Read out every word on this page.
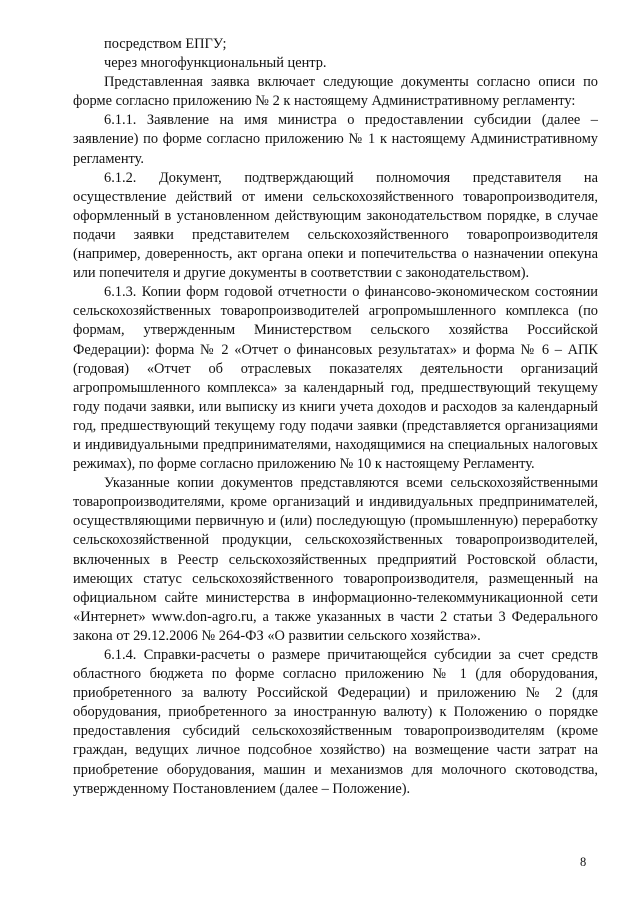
посредством ЕПГУ;

через многофункциональный центр.

Представленная заявка включает следующие документы согласно описи по форме согласно приложению № 2 к настоящему Административному регламенту:

6.1.1. Заявление на имя министра о предоставлении субсидии (далее – заявление) по форме согласно приложению № 1 к настоящему Административному регламенту.

6.1.2. Документ, подтверждающий полномочия представителя на осуществление действий от имени сельскохозяйственного товаропроизводителя, оформленный в установленном действующим законодательством порядке, в случае подачи заявки представителем сельскохозяйственного товаропроизводителя (например, доверенность, акт органа опеки и попечительства о назначении опекуна или попечителя и другие документы в соответствии с законодательством).

6.1.3. Копии форм годовой отчетности о финансово-экономическом состоянии сельскохозяйственных товаропроизводителей агропромышленного комплекса (по формам, утвержденным Министерством сельского хозяйства Российской Федерации): форма № 2 «Отчет о финансовых результатах» и форма № 6 – АПК (годовая) «Отчет об отраслевых показателях деятельности организаций агропромышленного комплекса» за календарный год, предшествующий текущему году подачи заявки, или выписку из книги учета доходов и расходов за календарный год, предшествующий текущему году подачи заявки (представляется организациями и индивидуальными предпринимателями, находящимися на специальных налоговых режимах), по форме согласно приложению № 10 к настоящему Регламенту.

Указанные копии документов представляются всеми сельскохозяйственными товаропроизводителями, кроме организаций и индивидуальных предпринимателей, осуществляющими первичную и (или) последующую (промышленную) переработку сельскохозяйственной продукции, сельскохозяйственных товаропроизводителей, включенных в Реестр сельскохозяйственных предприятий Ростовской области, имеющих статус сельскохозяйственного товаропроизводителя, размещенный на официальном сайте министерства в информационно-телекоммуникационной сети «Интернет» www.don-agro.ru, а также указанных в части 2 статьи 3 Федерального закона от 29.12.2006 № 264-ФЗ «О развитии сельского хозяйства».

6.1.4. Справки-расчеты о размере причитающейся субсидии за счет средств областного бюджета по форме согласно приложению № 1 (для оборудования, приобретенного за валюту Российской Федерации) и приложению № 2 (для оборудования, приобретенного за иностранную валюту) к Положению о порядке предоставления субсидий сельскохозяйственным товаропроизводителям (кроме граждан, ведущих личное подсобное хозяйство) на возмещение части затрат на приобретение оборудования, машин и механизмов для молочного скотоводства, утвержденному Постановлением (далее – Положение).

8
